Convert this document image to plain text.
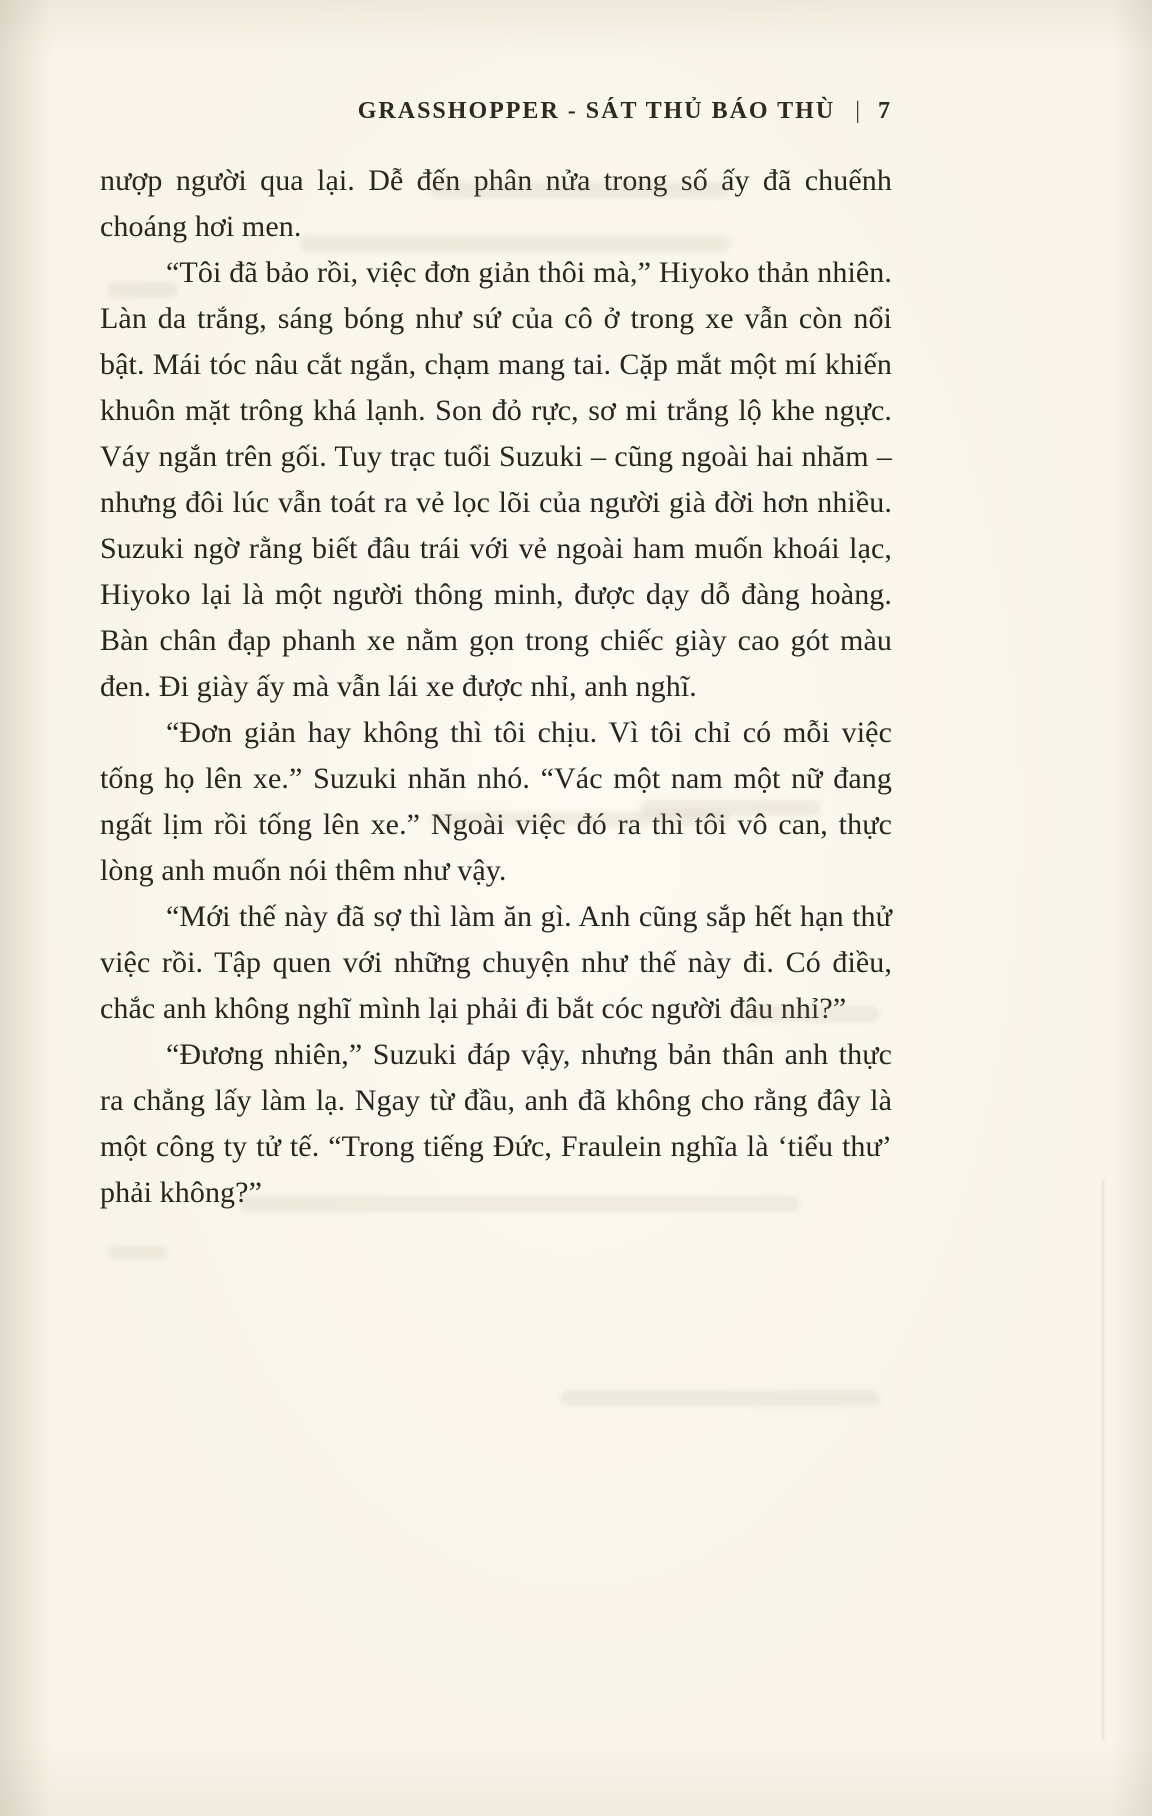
GRASSHOPPER - SÁT THỦ BÁO THÙ | 7

nượp người qua lại. Dễ đến phân nửa trong số ấy đã chuếnh choáng hơi men.

“Tôi đã bảo rồi, việc đơn giản thôi mà,” Hiyoko thản nhiên. Làn da trắng, sáng bóng như sứ của cô ở trong xe vẫn còn nổi bật. Mái tóc nâu cắt ngắn, chạm mang tai. Cặp mắt một mí khiến khuôn mặt trông khá lạnh. Son đỏ rực, sơ mi trắng lộ khe ngực. Váy ngắn trên gối. Tuy trạc tuổi Suzuki – cũng ngoài hai nhăm – nhưng đôi lúc vẫn toát ra vẻ lọc lõi của người già đời hơn nhiều. Suzuki ngờ rằng biết đâu trái với vẻ ngoài ham muốn khoái lạc, Hiyoko lại là một người thông minh, được dạy dỗ đàng hoàng. Bàn chân đạp phanh xe nằm gọn trong chiếc giày cao gót màu đen. Đi giày ấy mà vẫn lái xe được nhỉ, anh nghĩ.

“Đơn giản hay không thì tôi chịu. Vì tôi chỉ có mỗi việc tống họ lên xe.” Suzuki nhăn nhó. “Vác một nam một nữ đang ngất lịm rồi tống lên xe.” Ngoài việc đó ra thì tôi vô can, thực lòng anh muốn nói thêm như vậy.

“Mới thế này đã sợ thì làm ăn gì. Anh cũng sắp hết hạn thử việc rồi. Tập quen với những chuyện như thế này đi. Có điều, chắc anh không nghĩ mình lại phải đi bắt cóc người đâu nhỉ?”

“Đương nhiên,” Suzuki đáp vậy, nhưng bản thân anh thực ra chẳng lấy làm lạ. Ngay từ đầu, anh đã không cho rằng đây là một công ty tử tế. “Trong tiếng Đức, Fraulein nghĩa là ‘tiểu thư’ phải không?”
